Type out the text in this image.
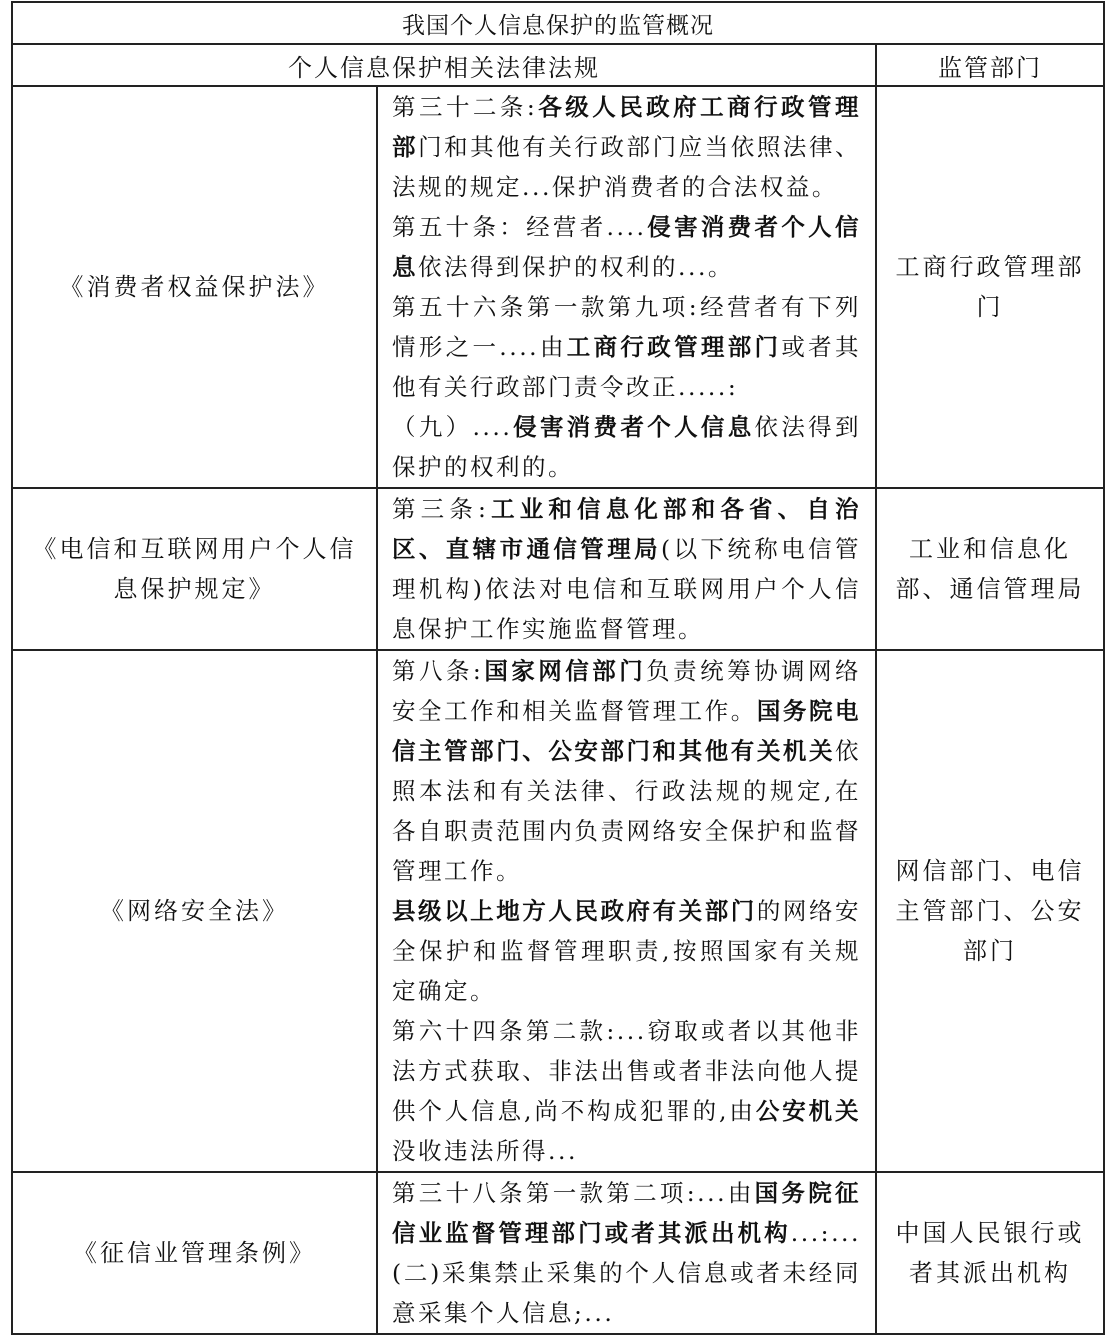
我国个人信息保护的监管概况		
个人信息保护相关法律法规		监管部门
《消费者权益保护法》	第三十二条:各级人民政府工商行政管理部门和其他有关行政部门应当依照法律、法规的规定...保护消费者的合法权益。

第五十条：经营者....侵害消费者个人信息依法得到保护的权利的...。

第五十六条第一款第九项:经营者有下列情形之一....由工商行政管理部门或者其他有关行政部门责令改正.....:

（九）....侵害消费者个人信息依法得到保护的权利的。	工商行政管理部门
《电信和互联网用户个人信息保护规定》	第三条:工业和信息化部和各省、自治区、直辖市通信管理局(以下统称电信管理机构)依法对电信和互联网用户个人信息保护工作实施监督管理。	工业和信息化部、通信管理局
《网络安全法》	第八条:国家网信部门负责统筹协调网络安全工作和相关监督管理工作。国务院电信主管部门、公安部门和其他有关机关依照本法和有关法律、行政法规的规定,在各自职责范围内负责网络安全保护和监督管理工作。

县级以上地方人民政府有关部门的网络安全保护和监督管理职责,按照国家有关规定确定。

第六十四条第二款:...窃取或者以其他非法方式获取、非法出售或者非法向他人提供个人信息,尚不构成犯罪的,由公安机关没收违法所得...	网信部门、电信主管部门、公安部门
《征信业管理条例》	第三十八条第一款第二项:...由国务院征信业监督管理部门或者其派出机构...:...(二)采集禁止采集的个人信息或者未经同意采集个人信息;...	中国人民银行或者其派出机构
